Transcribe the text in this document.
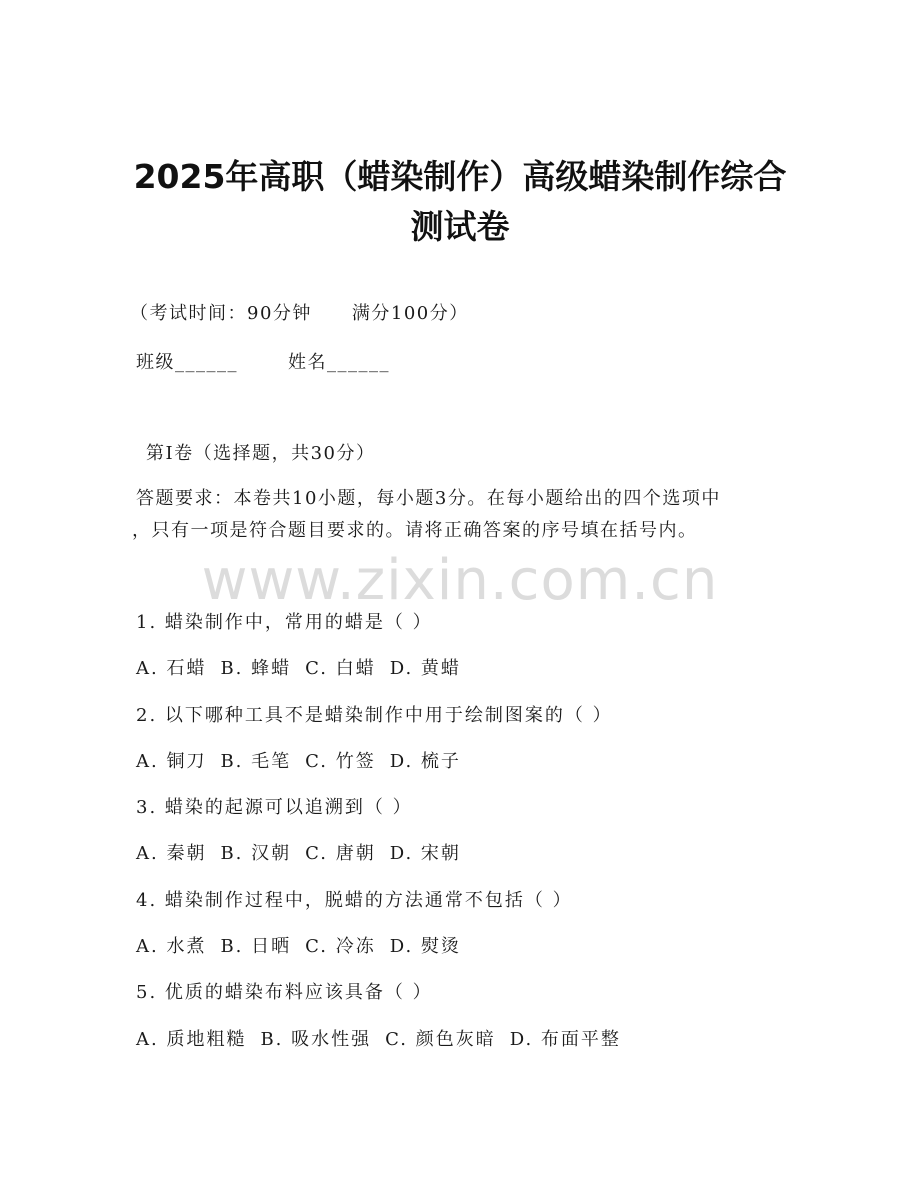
2025年高职（蜡染制作）高级蜡染制作综合
测试卷
（考试时间：90分钟 满分100分）
班级______	姓名______
第I卷（选择题，共30分）
答题要求：本卷共10小题，每小题3分。在每小题给出的四个选项中
，只有一项是符合题目要求的。请将正确答案的序号填在括号内。
www.zixin.com.cn
1. 蜡染制作中，常用的蜡是（ ）
A. 石蜡 B. 蜂蜡 C. 白蜡 D. 黄蜡
2. 以下哪种工具不是蜡染制作中用于绘制图案的（ ）
A. 铜刀 B. 毛笔 C. 竹签 D. 梳子
3. 蜡染的起源可以追溯到（ ）
A. 秦朝 B. 汉朝 C. 唐朝 D. 宋朝
4. 蜡染制作过程中，脱蜡的方法通常不包括（ ）
A. 水煮 B. 日晒 C. 冷冻 D. 熨烫
5. 优质的蜡染布料应该具备（ ）
A. 质地粗糙 B. 吸水性强 C. 颜色灰暗 D. 布面平整
